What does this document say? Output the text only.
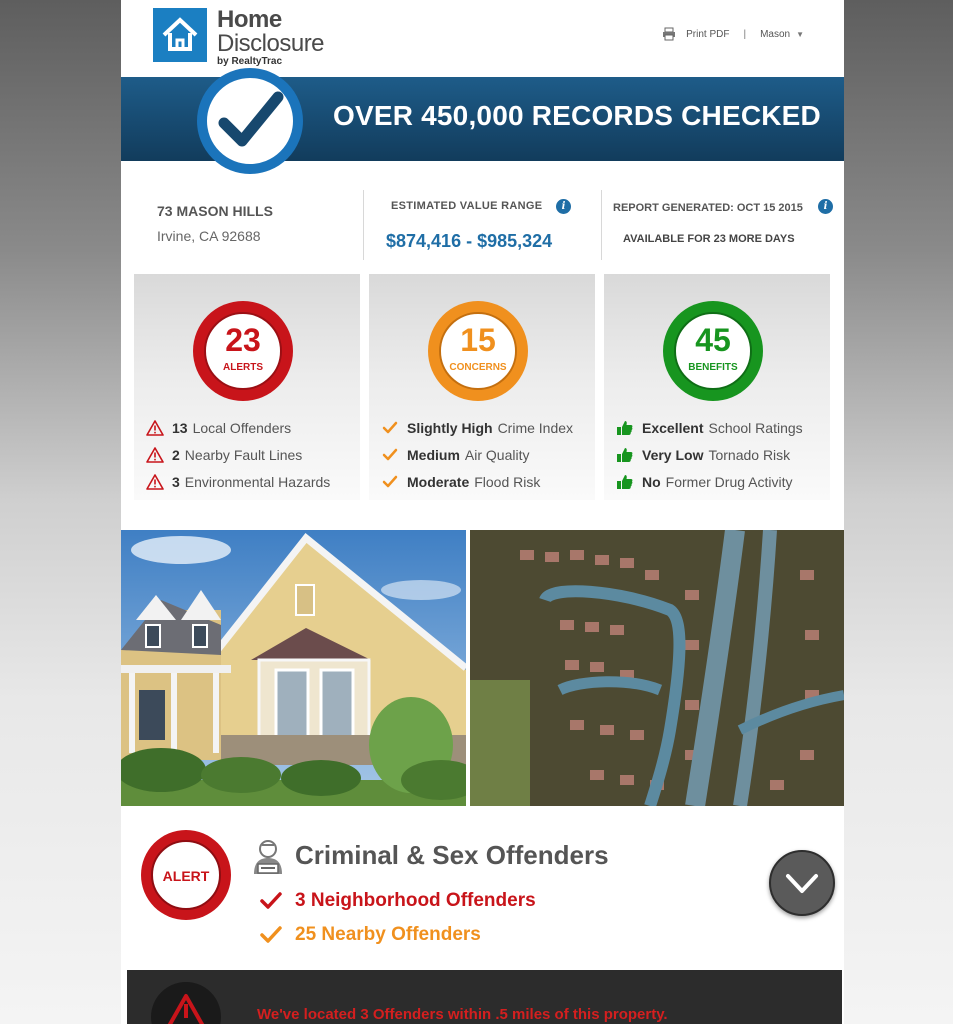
Home
Disclosure
by RealtyTrac
Print PDF | Mason ▼
OVER 450,000 RECORDS CHECKED
73 MASON HILLS
Irvine, CA 92688
ESTIMATED VALUE RANGE	i
$874,416 - $985,324
REPORT GENERATED: OCT 15 2015	i
AVAILABLE FOR 23 MORE DAYS
23
ALERTS
13 Local Offenders
2 Nearby Fault Lines
3 Environmental Hazards
15
CONCERNS
Slightly High Crime Index
Medium Air Quality
Moderate Flood Risk
45
BENEFITS
Excellent School Ratings
Very Low Tornado Risk
No Former Drug Activity
ALERT
Criminal & Sex Offenders
3 Neighborhood Offenders
25 Nearby Offenders
We've located 3 Offenders within .5 miles of this property.
